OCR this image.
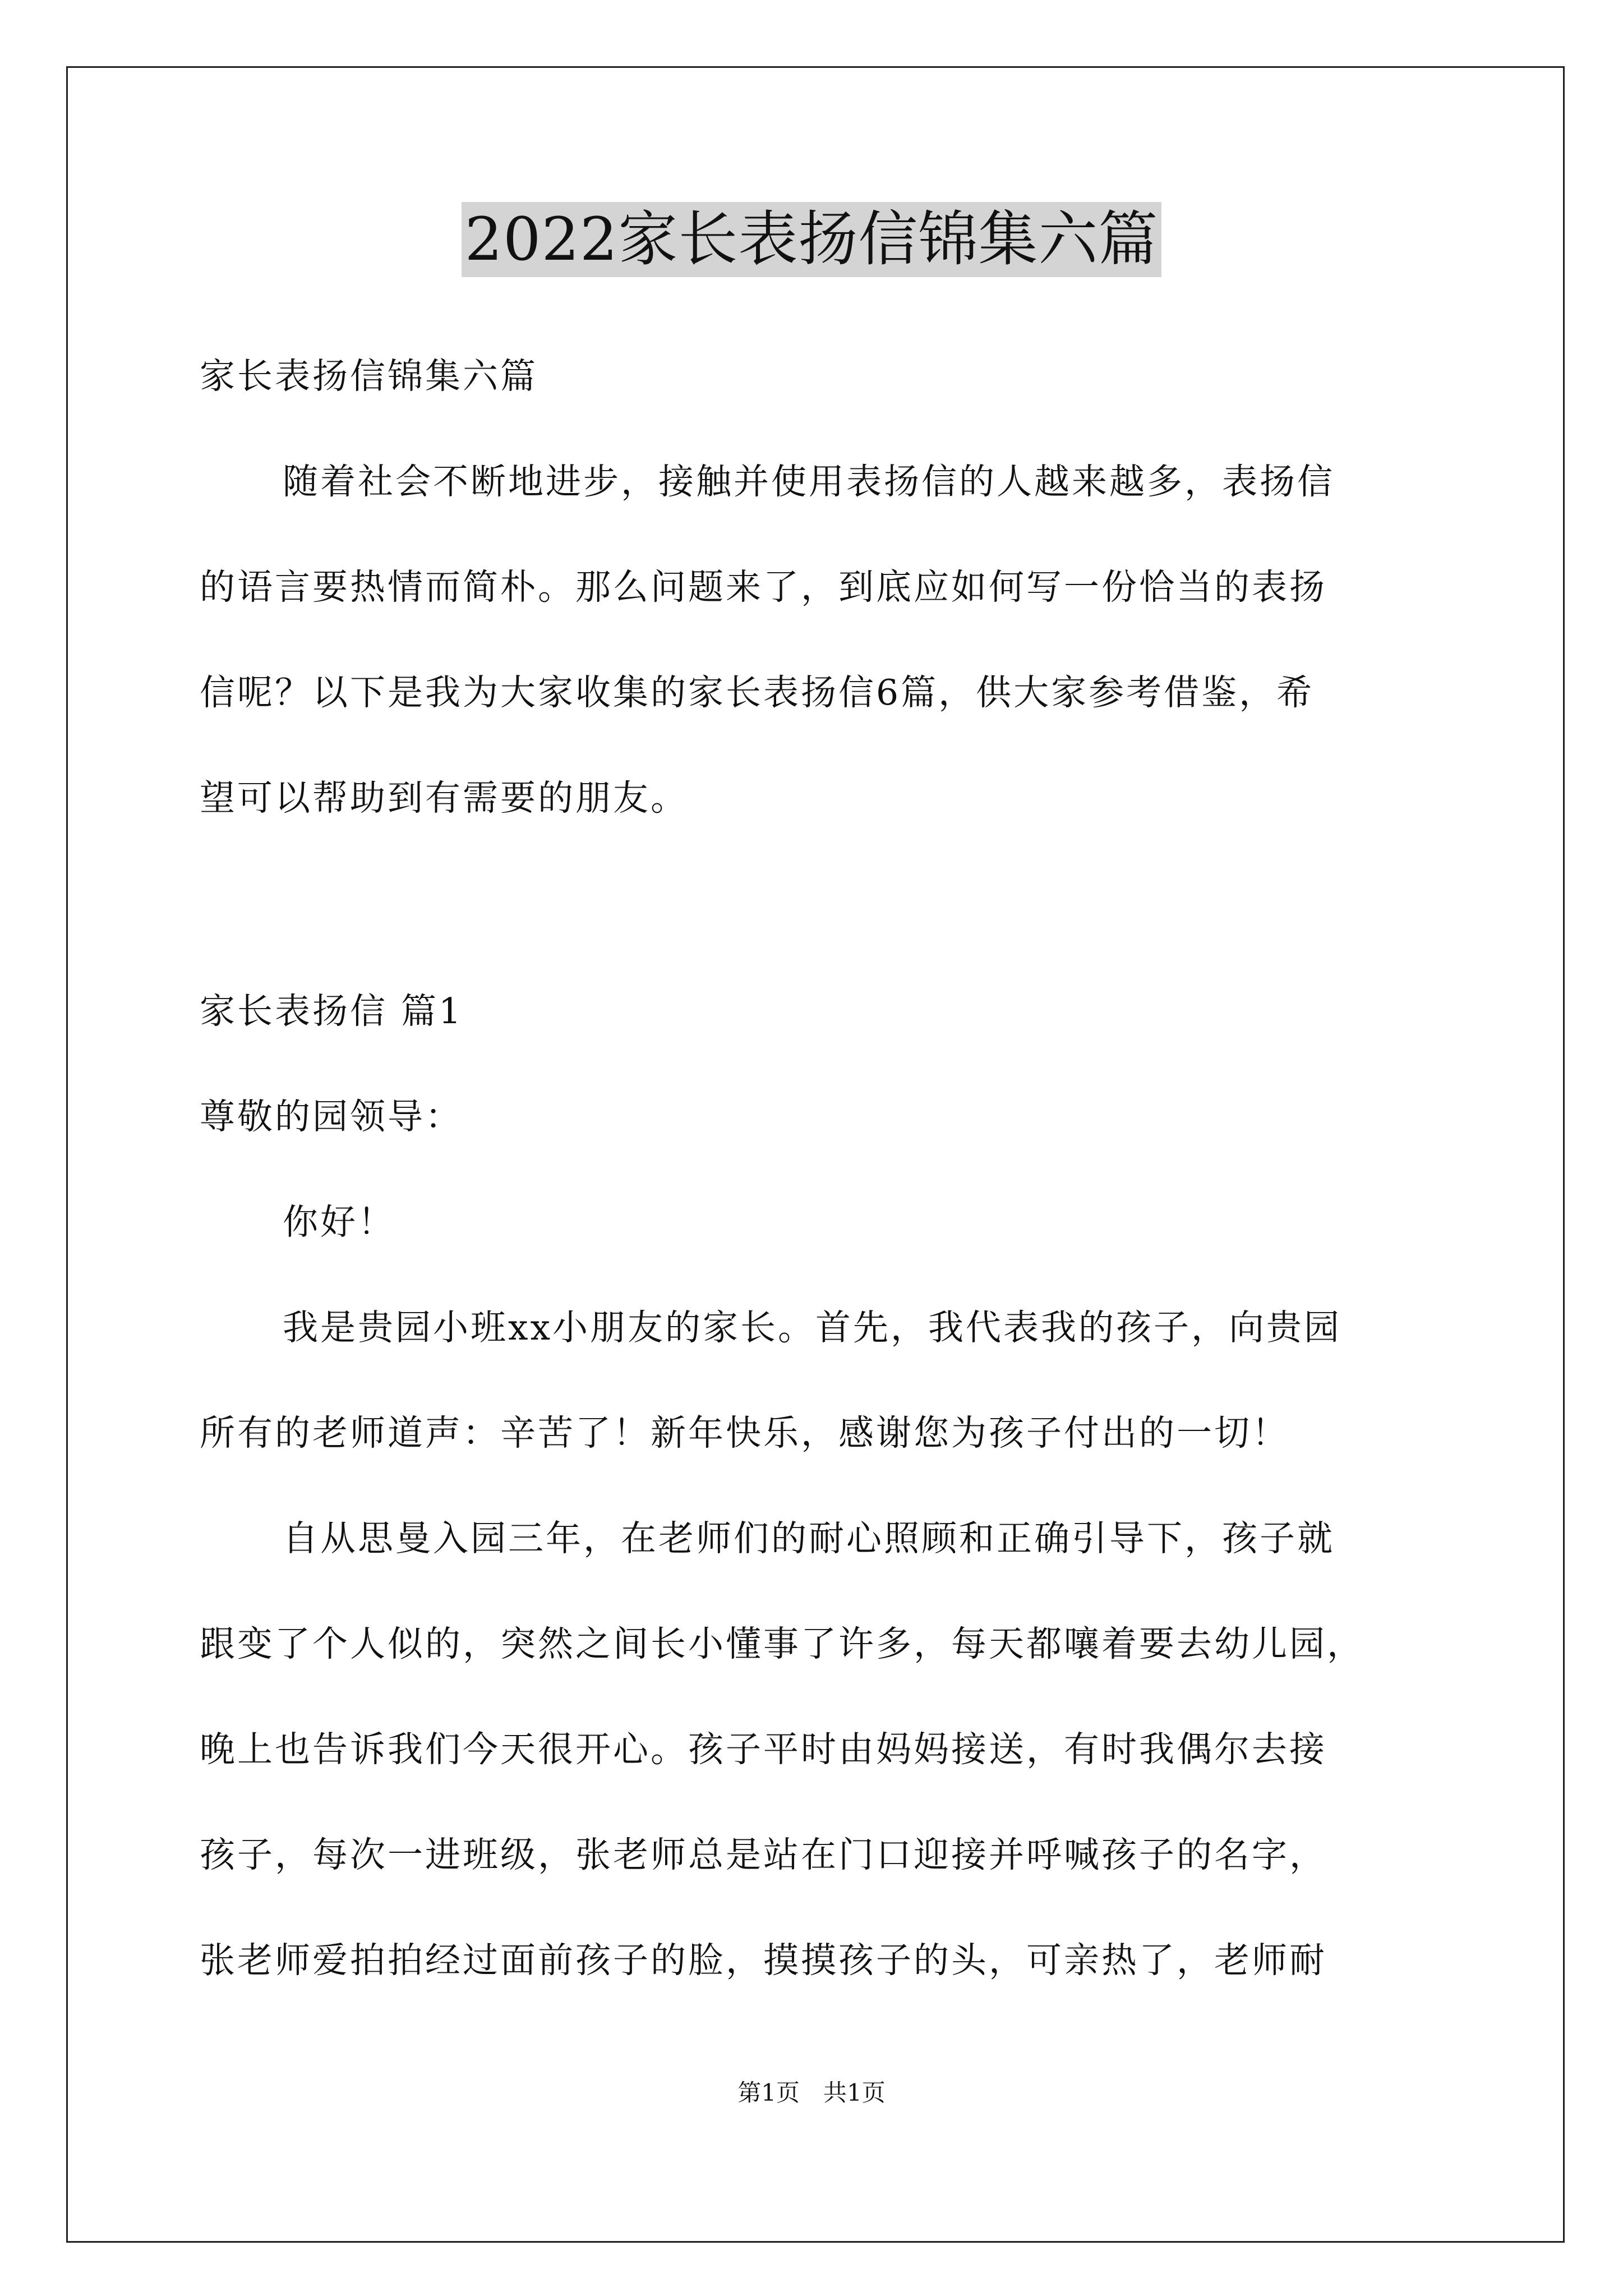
2022家长表扬信锦集六篇
家长表扬信锦集六篇
随着社会不断地进步，接触并使用表扬信的人越来越多，表扬信
的语言要热情而简朴。那么问题来了，到底应如何写一份恰当的表扬
信呢？以下是我为大家收集的家长表扬信6篇，供大家参考借鉴，希
望可以帮助到有需要的朋友。
家长表扬信 篇1
尊敬的园领导：
你好！
我是贵园小班xx小朋友的家长。首先，我代表我的孩子，向贵园
所有的老师道声：辛苦了！新年快乐，感谢您为孩子付出的一切！
自从思曼入园三年，在老师们的耐心照顾和正确引导下，孩子就
跟变了个人似的，突然之间长小懂事了许多，每天都嚷着要去幼儿园，
晚上也告诉我们今天很开心。孩子平时由妈妈接送，有时我偶尔去接
孩子，每次一进班级，张老师总是站在门口迎接并呼喊孩子的名字，
张老师爱拍拍经过面前孩子的脸，摸摸孩子的头，可亲热了，老师耐
第1页　共1页
